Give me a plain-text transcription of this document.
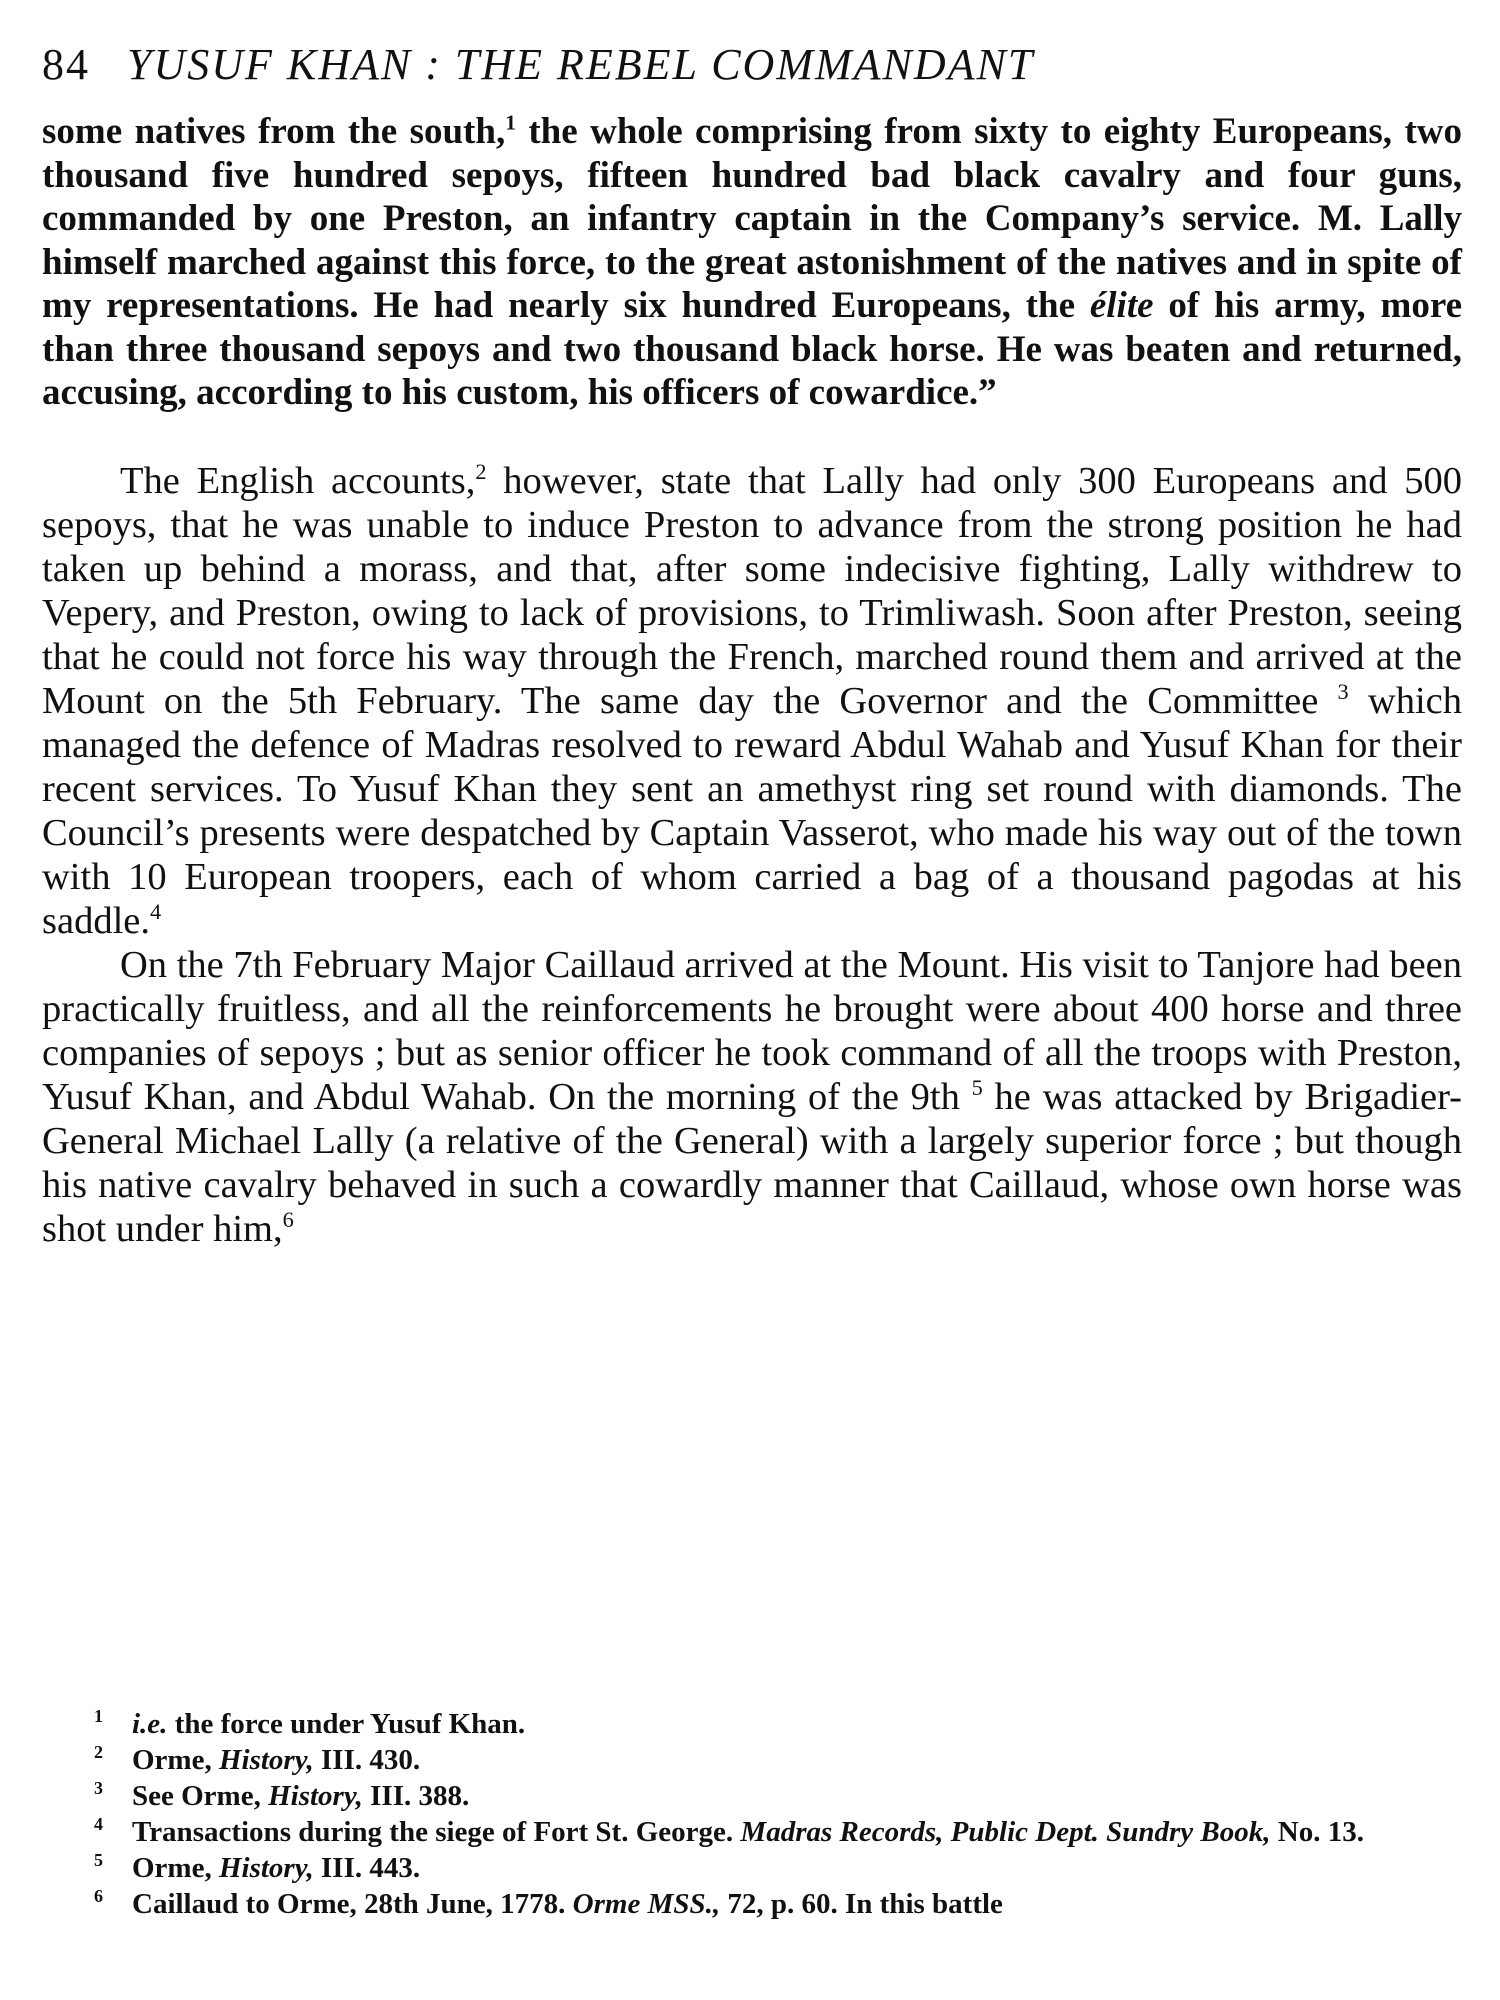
84 YUSUF KHAN : THE REBEL COMMANDANT

some natives from the south,$^1$ the whole comprising from sixty to eighty Europeans, two thousand five hundred sepoys, fifteen hundred bad black cavalry and four guns, commanded by one Preston, an infantry captain in the Company’s service. M. Lally himself marched against this force, to the great astonishment of the natives and in spite of my representations. He had nearly six hundred Europeans, the élite of his army, more than three thousand sepoys and two thousand black horse. He was beaten and returned, accusing, according to his custom, his officers of cowardice.”

The English accounts,$^2$ however, state that Lally had only 300 Europeans and 500 sepoys, that he was unable to induce Preston to advance from the strong position he had taken up behind a morass, and that, after some indecisive fighting, Lally withdrew to Vepery, and Preston, owing to lack of provisions, to Trimliwash. Soon after Preston, seeing that he could not force his way through the French, marched round them and arrived at the Mount on the 5th February. The same day the Governor and the Committee $^3$ which managed the defence of Madras resolved to reward Abdul Wahab and Yusuf Khan for their recent services. To Yusuf Khan they sent an amethyst ring set round with diamonds. The Council’s presents were despatched by Captain Vasserot, who made his way out of the town with 10 European troopers, each of whom carried a bag of a thousand pagodas at his saddle.$^4$

On the 7th February Major Caillaud arrived at the Mount. His visit to Tanjore had been practically fruitless, and all the reinforcements he brought were about 400 horse and three companies of sepoys ; but as senior officer he took command of all the troops with Preston, Yusuf Khan, and Abdul Wahab. On the morning of the 9th $^5$ he was attacked by Brigadier-General Michael Lally (a relative of the General) with a largely superior force ; but though his native cavalry behaved in such a cowardly manner that Caillaud, whose own horse was shot under him,$^6$

1 i.e. the force under Yusuf Khan.

2 Orme, History, III. 430.

3 See Orme, History, III. 388.

4 Transactions during the siege of Fort St. George. Madras Records, Public Dept. Sundry Book, No. 13.

5 Orme, History, III. 443.

6 Caillaud to Orme, 28th June, 1778. Orme MSS., 72, p. 60. In this battle
